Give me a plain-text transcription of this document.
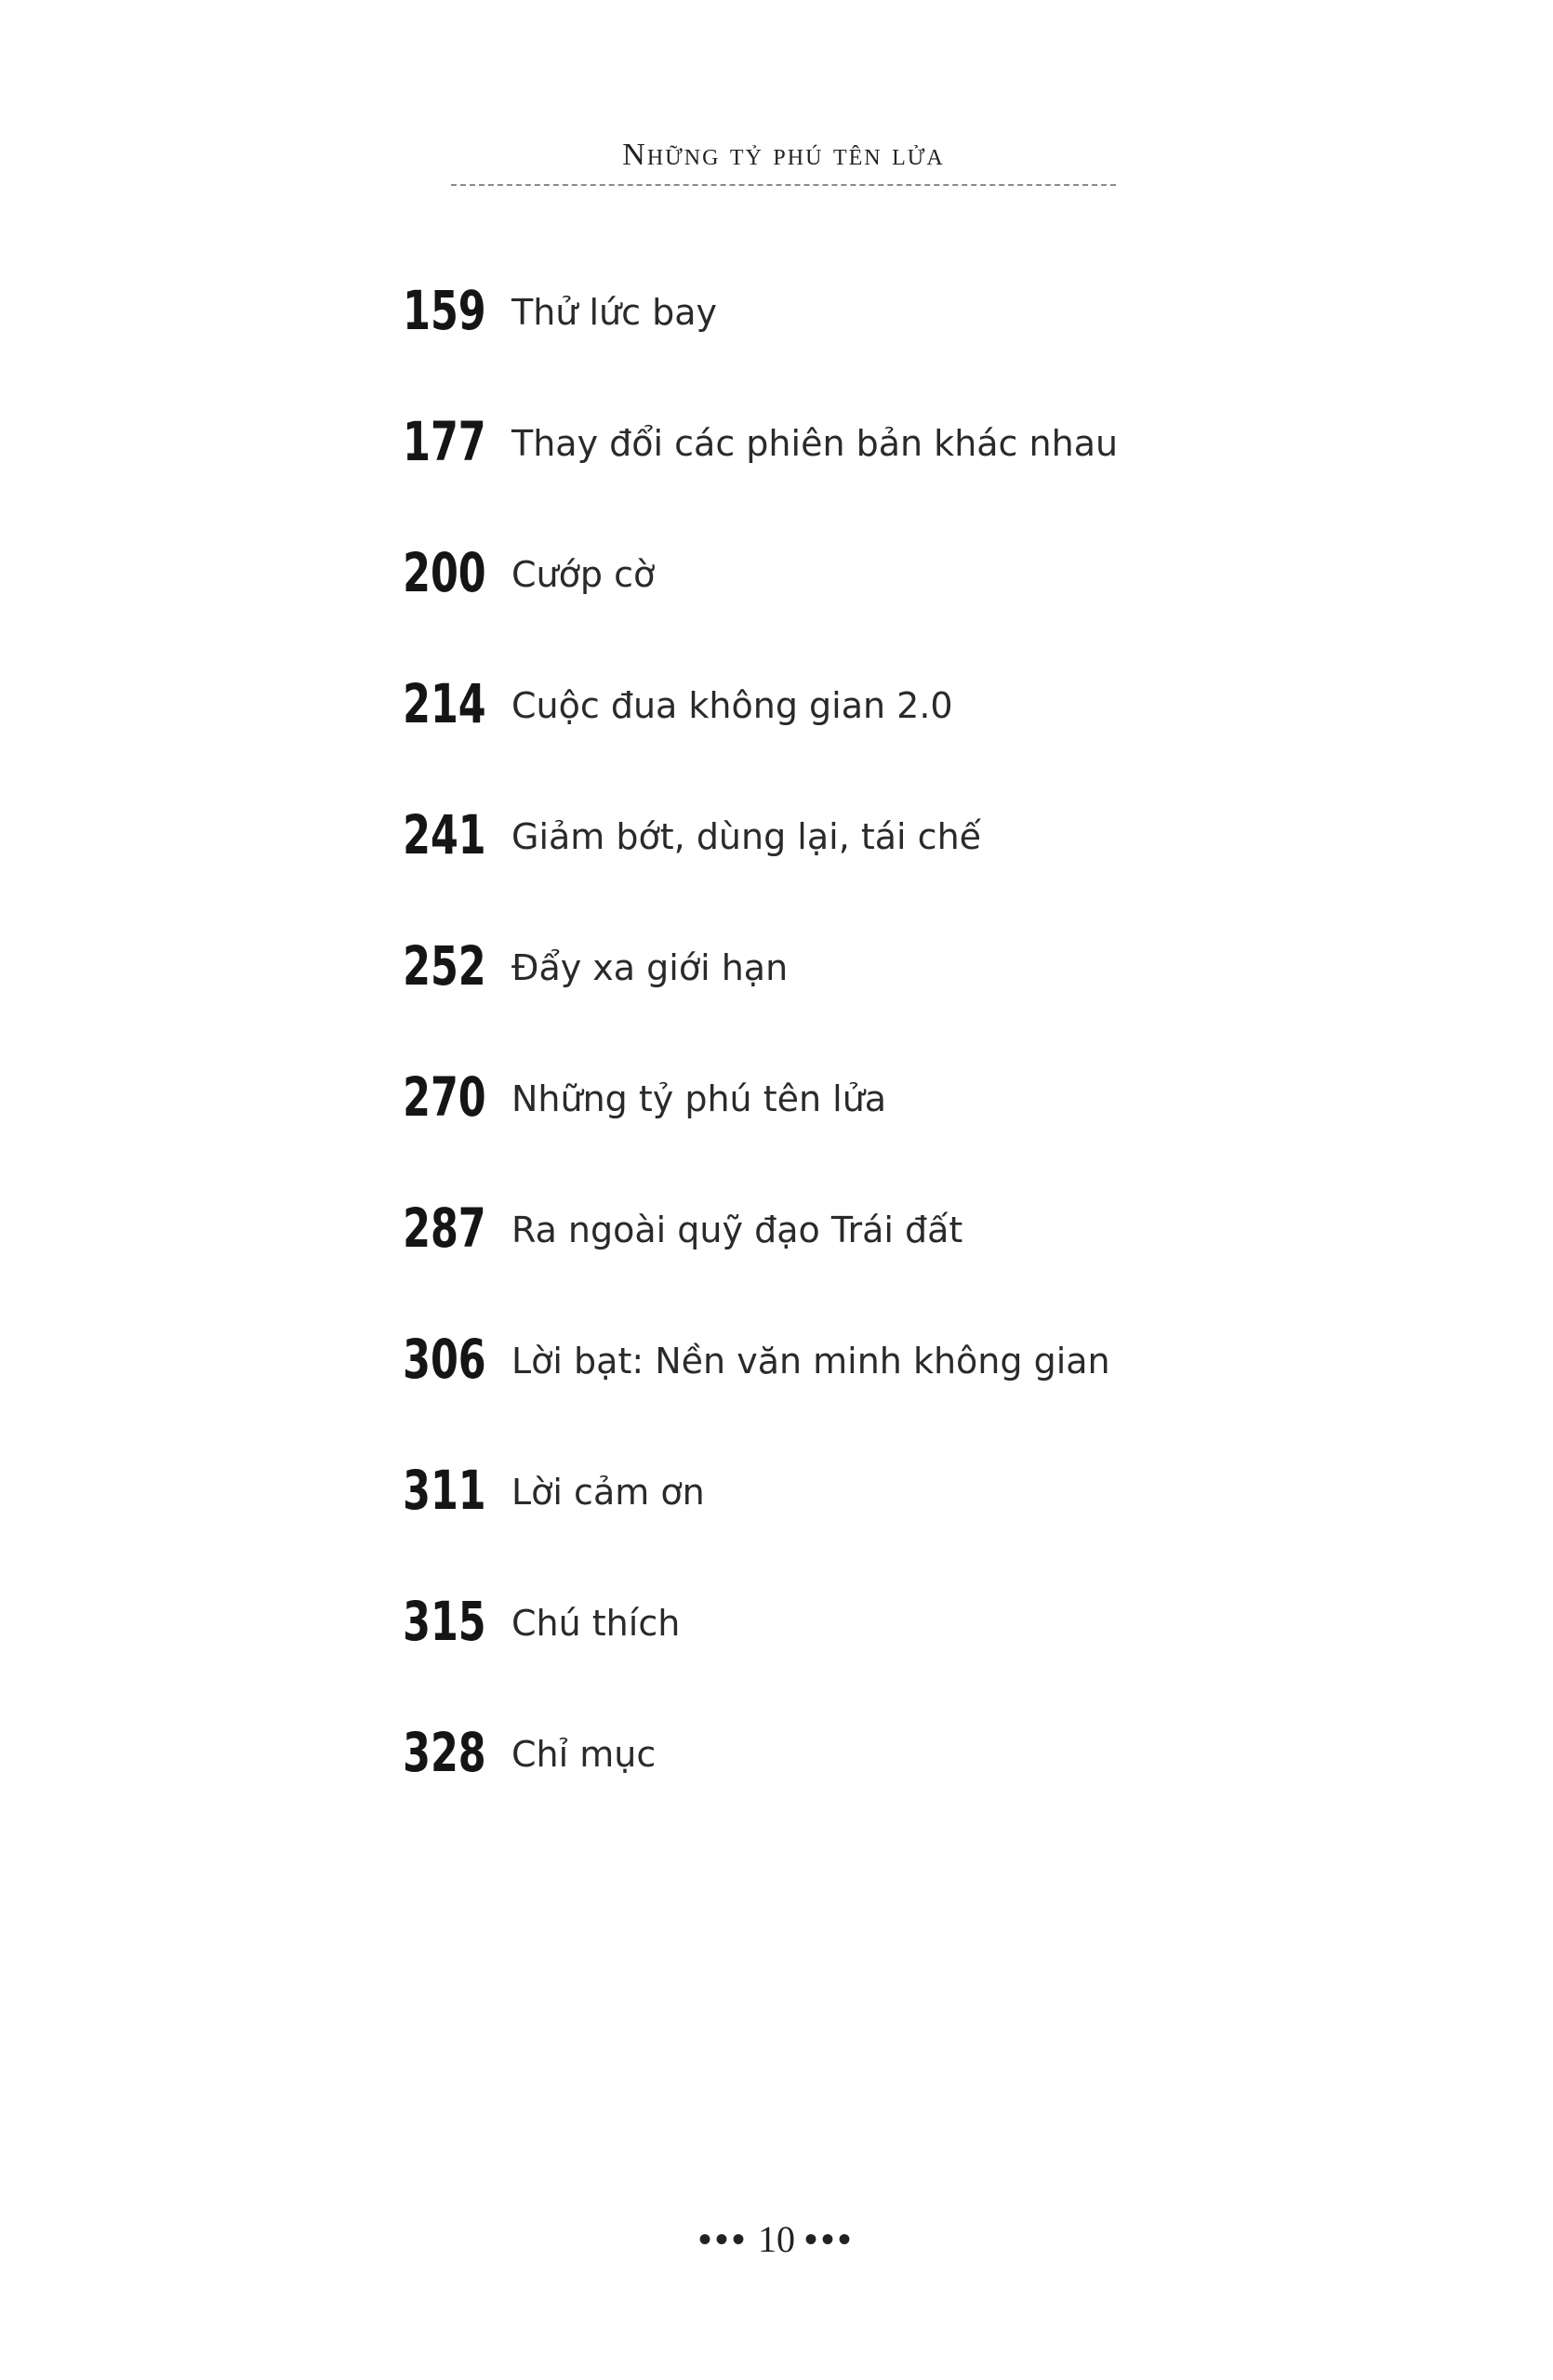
Những tỷ phú tên lửa
159 Thử lức bay
177 Thay đổi các phiên bản khác nhau
200 Cướp cờ
214 Cuộc đua không gian 2.0
241 Giảm bớt, dùng lại, tái chế
252 Đẩy xa giới hạn
270 Những tỷ phú tên lửa
287 Ra ngoài quỹ đạo Trái đất
306 Lời bạt: Nền văn minh không gian
311 Lời cảm ơn
315 Chú thích
328 Chỉ mục
••• 10 •••
